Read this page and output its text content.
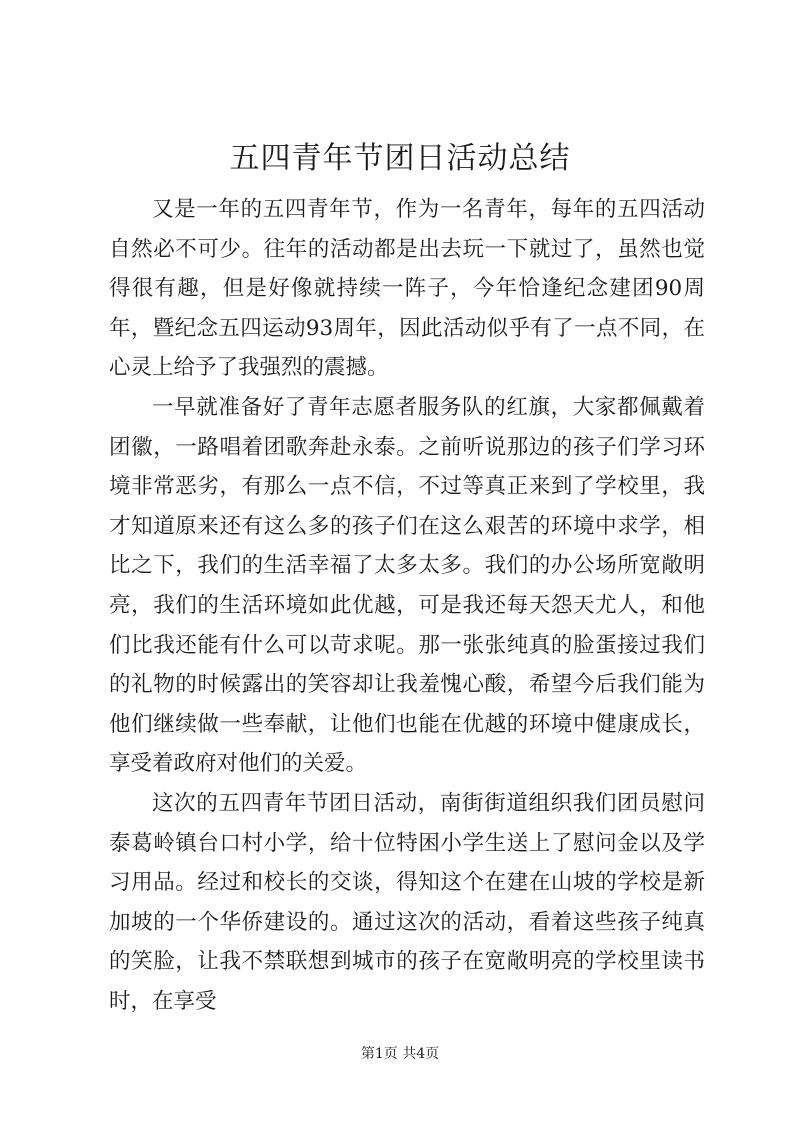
五四青年节团日活动总结

又是一年的五四青年节，作为一名青年，每年的五四活动自然必不可少。往年的活动都是出去玩一下就过了，虽然也觉得很有趣，但是好像就持续一阵子，今年恰逢纪念建团90周年，暨纪念五四运动93周年，因此活动似乎有了一点不同，在心灵上给予了我强烈的震撼。

一早就准备好了青年志愿者服务队的红旗，大家都佩戴着团徽，一路唱着团歌奔赴永泰。之前听说那边的孩子们学习环境非常恶劣，有那么一点不信，不过等真正来到了学校里，我才知道原来还有这么多的孩子们在这么艰苦的环境中求学，相比之下，我们的生活幸福了太多太多。我们的办公场所宽敞明亮，我们的生活环境如此优越，可是我还每天怨天尤人，和他们比我还能有什么可以苛求呢。那一张张纯真的脸蛋接过我们的礼物的时候露出的笑容却让我羞愧心酸，希望今后我们能为他们继续做一些奉献，让他们也能在优越的环境中健康成长，享受着政府对他们的关爱。

这次的五四青年节团日活动，南街街道组织我们团员慰问泰葛岭镇台口村小学，给十位特困小学生送上了慰问金以及学习用品。经过和校长的交谈，得知这个在建在山坡的学校是新加坡的一个华侨建设的。通过这次的活动，看着这些孩子纯真的笑脸，让我不禁联想到城市的孩子在宽敞明亮的学校里读书时，在享受

第1页 共4页
